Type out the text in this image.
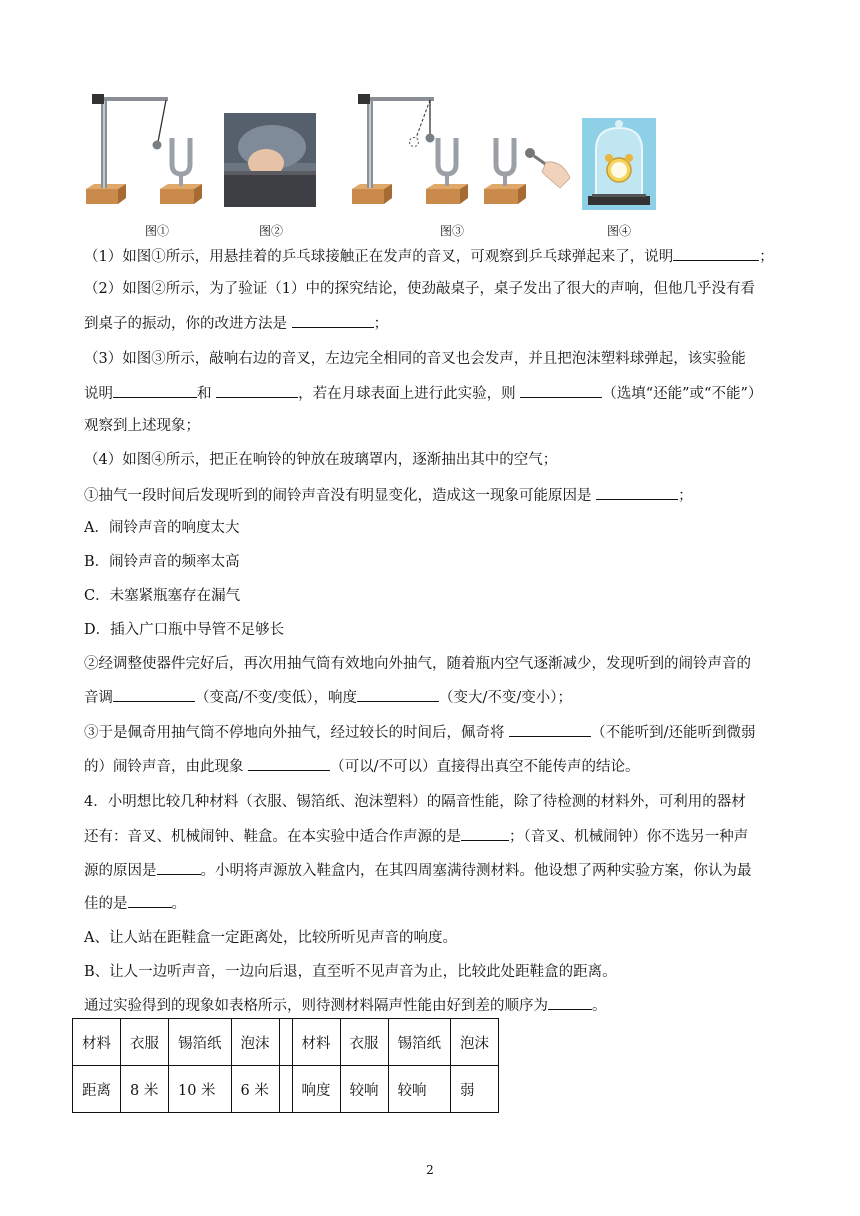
图①	图②	图③	图④
（1）如图①所示，用悬挂着的乒乓球接触正在发声的音叉，可观察到乒乓球弹起来了，说明	；
（2）如图②所示，为了验证（1）中的探究结论，使劲敲桌子，桌子发出了很大的声响，但他几乎没有看
到桌子的振动，你的改进方法是	；
（3）如图③所示，敲响右边的音叉，左边完全相同的音叉也会发声，并且把泡沫塑料球弹起，该实验能
说明	和	，若在月球表面上进行此实验，则	（选填“还能”或“不能”）
观察到上述现象；
（4）如图④所示，把正在响铃的钟放在玻璃罩内，逐渐抽出其中的空气；
①抽气一段时间后发现听到的闹铃声音没有明显变化，造成这一现象可能原因是	；
A．闹铃声音的响度太大
B．闹铃声音的频率太高
C．未塞紧瓶塞存在漏气
D．插入广口瓶中导管不足够长
②经调整使器件完好后，再次用抽气筒有效地向外抽气，随着瓶内空气逐渐减少，发现听到的闹铃声音的
音调	（变高/不变/变低），响度	（变大/不变/变小）；
③于是佩奇用抽气筒不停地向外抽气，经过较长的时间后，佩奇将	（不能听到/还能听到微弱
的）闹铃声音，由此现象	（可以/不可以）直接得出真空不能传声的结论。
4．小明想比较几种材料（衣服、锡箔纸、泡沫塑料）的隔音性能，除了待检测的材料外，可利用的器材
还有：音叉、机械闹钟、鞋盒。在本实验中适合作声源的是	；（音叉、机械闹钟）你不选另一种声
源的原因是	。小明将声源放入鞋盒内，在其四周塞满待测材料。他设想了两种实验方案，你认为最
佳的是	。
A、让人站在距鞋盒一定距离处，比较所听见声音的响度。
B、让人一边听声音，一边向后退，直至听不见声音为止，比较此处距鞋盒的距离。
通过实验得到的现象如表格所示，则待测材料隔声性能由好到差的顺序为	。
材料	衣服	锡箔纸	泡沫		材料	衣服	锡箔纸	泡沫
距离	8 米	10 米	6 米		响度	较响	较响	弱
2
